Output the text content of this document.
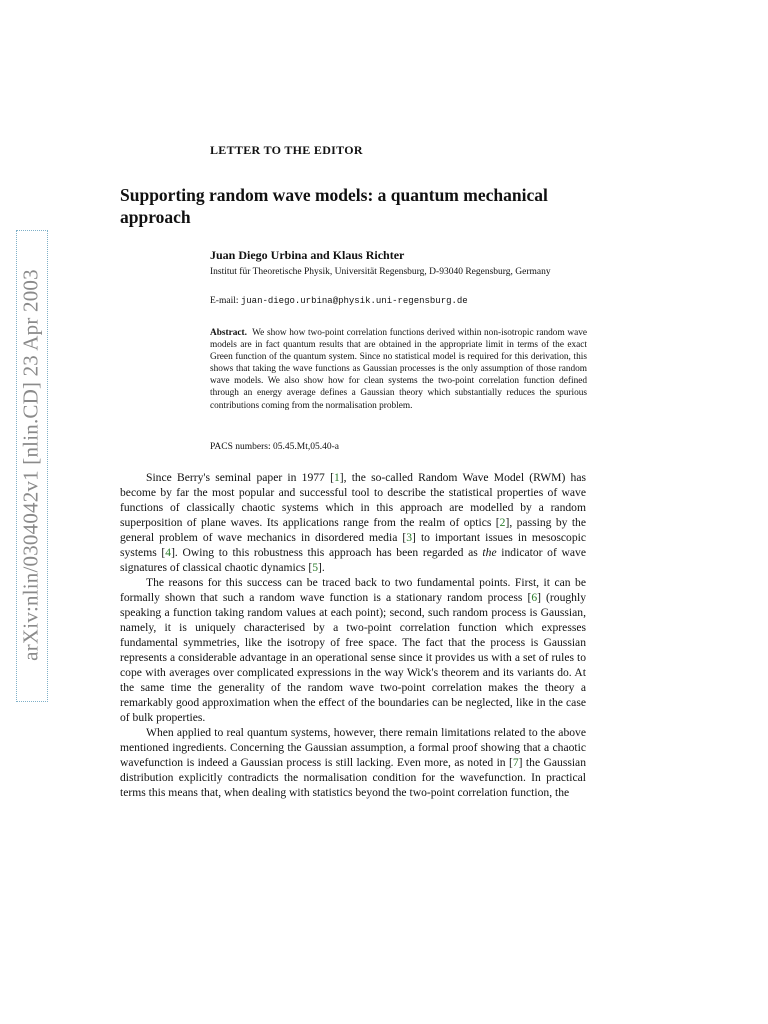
arXiv:nlin/0304042v1 [nlin.CD] 23 Apr 2003
LETTER TO THE EDITOR
Supporting random wave models: a quantum mechanical approach
Juan Diego Urbina and Klaus Richter
Institut für Theoretische Physik, Universität Regensburg, D-93040 Regensburg, Germany
E-mail: juan-diego.urbina@physik.uni-regensburg.de
Abstract. We show how two-point correlation functions derived within non-isotropic random wave models are in fact quantum results that are obtained in the appropriate limit in terms of the exact Green function of the quantum system. Since no statistical model is required for this derivation, this shows that taking the wave functions as Gaussian processes is the only assumption of those random wave models. We also show how for clean systems the two-point correlation function defined through an energy average defines a Gaussian theory which substantially reduces the spurious contributions coming from the normalisation problem.
PACS numbers: 05.45.Mt,05.40-a

Since Berry's seminal paper in 1977 [1], the so-called Random Wave Model (RWM) has become by far the most popular and successful tool to describe the statistical properties of wave functions of classically chaotic systems which in this approach are modelled by a random superposition of plane waves. Its applications range from the realm of optics [2], passing by the general problem of wave mechanics in disordered media [3] to important issues in mesoscopic systems [4]. Owing to this robustness this approach has been regarded as the indicator of wave signatures of classical chaotic dynamics [5].

The reasons for this success can be traced back to two fundamental points. First, it can be formally shown that such a random wave function is a stationary random process [6] (roughly speaking a function taking random values at each point); second, such random process is Gaussian, namely, it is uniquely characterised by a two-point correlation function which expresses fundamental symmetries, like the isotropy of free space. The fact that the process is Gaussian represents a considerable advantage in an operational sense since it provides us with a set of rules to cope with averages over complicated expressions in the way Wick's theorem and its variants do. At the same time the generality of the random wave two-point correlation makes the theory a remarkably good approximation when the effect of the boundaries can be neglected, like in the case of bulk properties.

When applied to real quantum systems, however, there remain limitations related to the above mentioned ingredients. Concerning the Gaussian assumption, a formal proof showing that a chaotic wavefunction is indeed a Gaussian process is still lacking. Even more, as noted in [7] the Gaussian distribution explicitly contradicts the normalisation condition for the wavefunction. In practical terms this means that, when dealing with statistics beyond the two-point correlation function, the
